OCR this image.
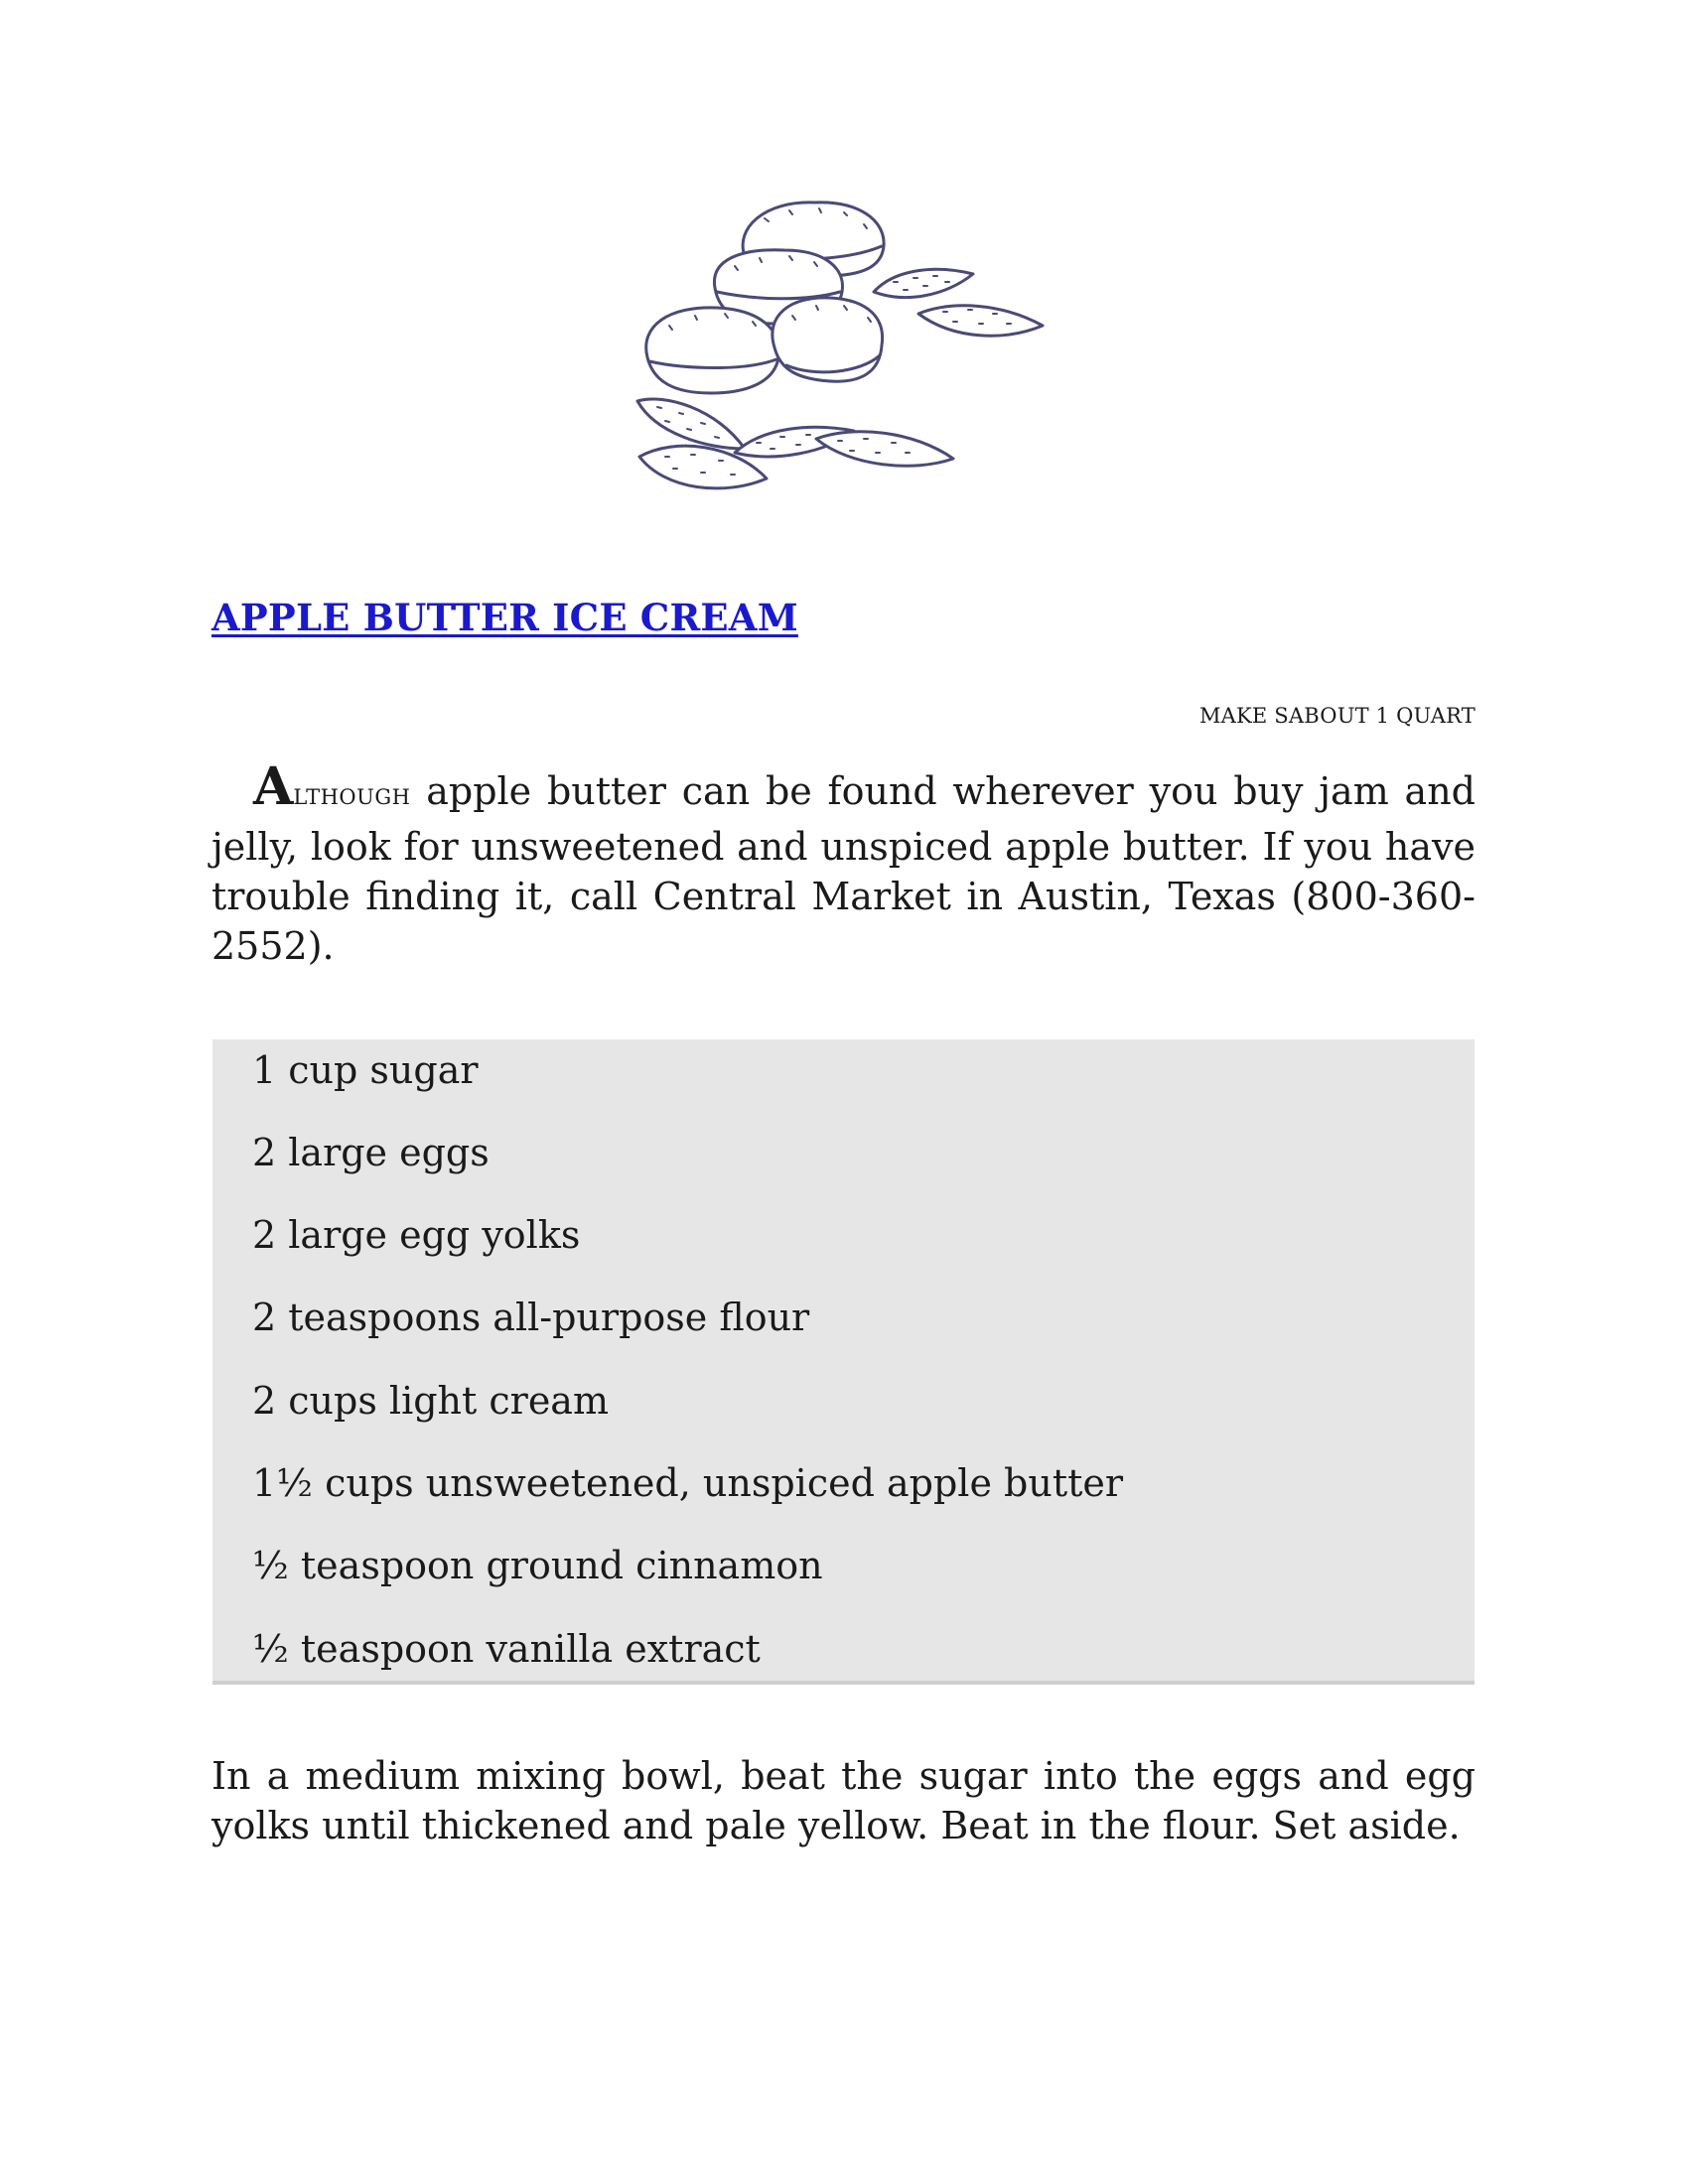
APPLE BUTTER ICE CREAM
MAKE SABOUT 1 QUART

ALTHOUGH apple butter can be found wherever you buy jam and jelly, look for unsweetened and unspiced apple butter. If you have trouble finding it, call Central Market in Austin, Texas (800-360-2552).

1 cup sugar
2 large eggs
2 large egg yolks
2 teaspoons all-purpose flour
2 cups light cream
1½ cups unsweetened, unspiced apple butter
½ teaspoon ground cinnamon
½ teaspoon vanilla extract

In a medium mixing bowl, beat the sugar into the eggs and egg yolks until thickened and pale yellow. Beat in the flour. Set aside.
